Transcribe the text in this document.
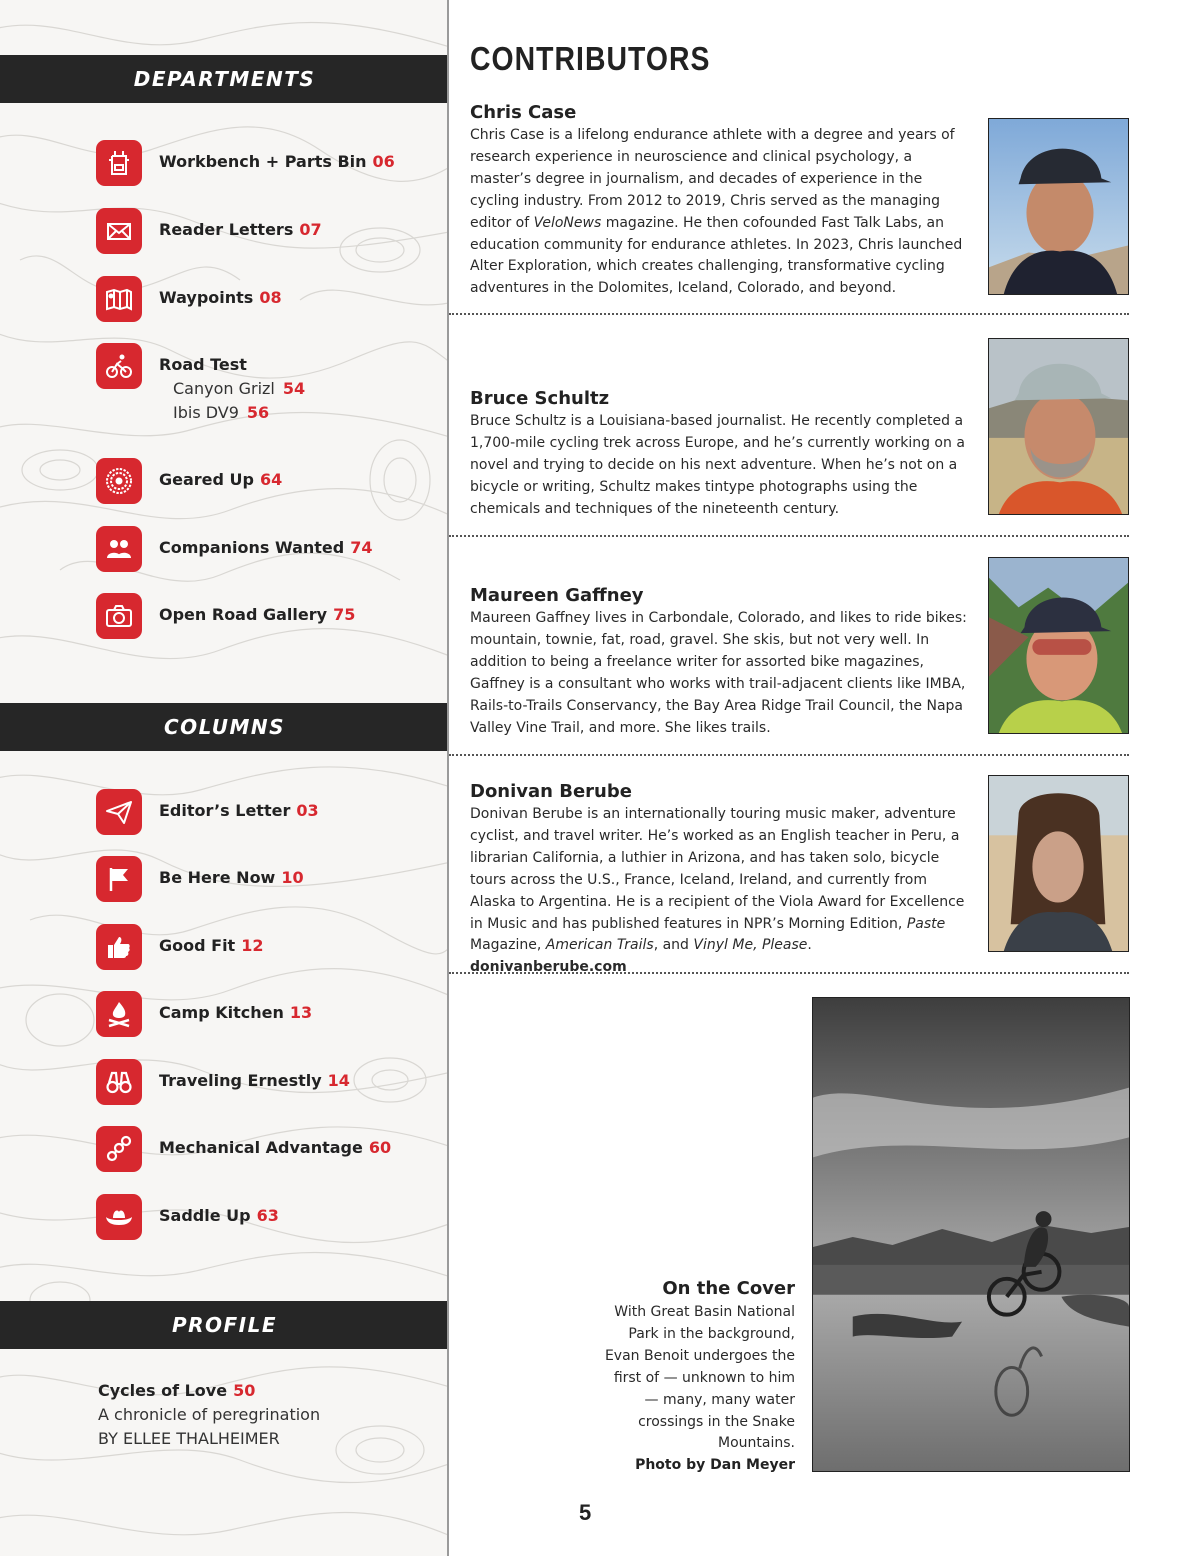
DEPARTMENTS
Workbench + Parts Bin 06
Reader Letters 07
Waypoints 08
Road Test
Canyon Grizl 54
Ibis DV9 56
Geared Up 64
Companions Wanted 74
Open Road Gallery 75
COLUMNS
Editor’s Letter 03
Be Here Now 10
Good Fit 12
Camp Kitchen 13
Traveling Ernestly 14
Mechanical Advantage 60
Saddle Up 63
PROFILE
Cycles of Love 50
A chronicle of peregrination
BY ELLEE THALHEIMER
CONTRIBUTORS
Chris Case
Chris Case is a lifelong endurance athlete with a degree and years of research experience in neuroscience and clinical psychology, a master’s degree in journalism, and decades of experience in the cycling industry. From 2012 to 2019, Chris served as the managing editor of VeloNews magazine. He then cofounded Fast Talk Labs, an education community for endurance athletes. In 2023, Chris launched Alter Exploration, which creates challenging, transformative cycling adventures in the Dolomites, Iceland, Colorado, and beyond.
Bruce Schultz
Bruce Schultz is a Louisiana-based journalist. He recently completed a 1,700-mile cycling trek across Europe, and he’s currently working on a novel and trying to decide on his next adventure. When he’s not on a bicycle or writing, Schultz makes tintype photographs using the chemicals and techniques of the nineteenth century.
Maureen Gaffney
Maureen Gaffney lives in Carbondale, Colorado, and likes to ride bikes: mountain, townie, fat, road, gravel. She skis, but not very well. In addition to being a freelance writer for assorted bike magazines, Gaffney is a consultant who works with trail-adjacent clients like IMBA, Rails-to-Trails Conservancy, the Bay Area Ridge Trail Council, the Napa Valley Vine Trail, and more. She likes trails.
Donivan Berube
Donivan Berube is an internationally touring music maker, adventure cyclist, and travel writer. He’s worked as an English teacher in Peru, a librarian California, a luthier in Arizona, and has taken solo, bicycle tours across the U.S., France, Iceland, Ireland, and currently from Alaska to Argentina. He is a recipient of the Viola Award for Excellence in Music and has published features in NPR’s Morning Edition, Paste Magazine, American Trails, and Vinyl Me, Please. donivanberube.com
On the Cover
With Great Basin National Park in the background, Evan Benoit undergoes the first of — unknown to him — many, many water crossings in the Snake Mountains.
Photo by Dan Meyer
5
